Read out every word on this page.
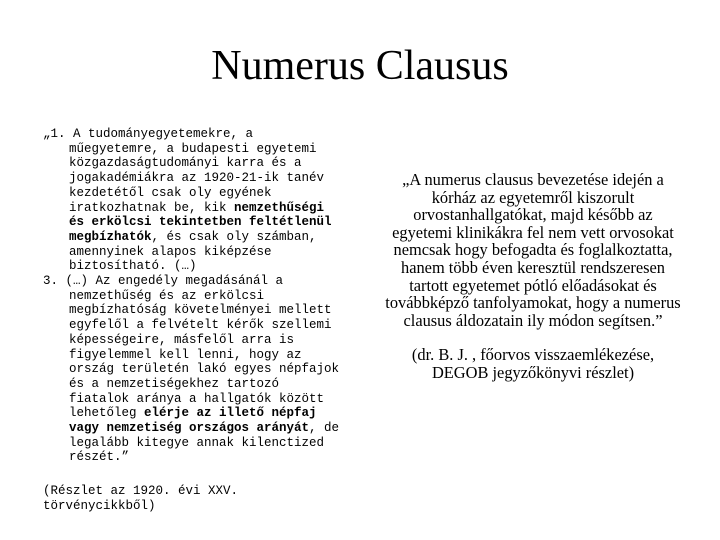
Numerus Clausus

„1. A tudományegyetemekre, a műegyetemre, a budapesti egyetemi közgazdaságtudományi karra és a jogakadémiákra az 1920-21-ik tanév kezdetétől csak oly egyének iratkozhatnak be, kik nemzethűségi és erkölcsi tekintetben feltétlenül megbízhatók, és csak oly számban, amennyinek alapos kiképzése biztosítható. (…)

3. (…) Az engedély megadásánál a nemzethűség és az erkölcsi megbízhatóság követelményei mellett egyfelől a felvételt kérők szellemi képességeire, másfelől arra is figyelemmel kell lenni, hogy az ország területén lakó egyes népfajok és a nemzetiségekhez tartozó fiatalok aránya a hallgatók között lehetőleg elérje az illető népfaj vagy nemzetiség országos arányát, de legalább kitegye annak kilenctized részét.”

(Részlet az 1920. évi XXV. törvénycikkből)

„A numerus clausus bevezetése idején a kórház az egyetemről kiszorult orvostanhallgatókat, majd később az egyetemi klinikákra fel nem vett orvosokat nemcsak hogy befogadta és foglalkoztatta, hanem több éven keresztül rendszeresen tartott egyetemet pótló előadásokat és továbbképző tanfolyamokat, hogy a numerus clausus áldozatain ily módon segítsen.”

(dr. B. J. , főorvos visszaemlékezése, DEGOB jegyzőkönyvi részlet)
